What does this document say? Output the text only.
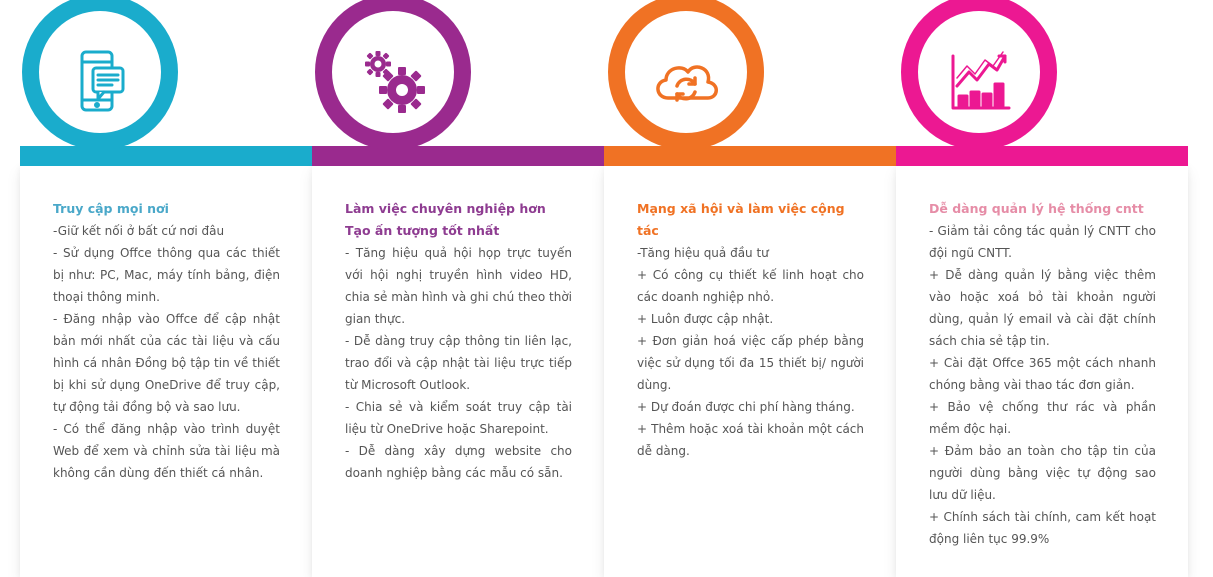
Truy cập mọi nơi
-Giữ kết nối ở bất cứ nơi đâu
- Sử dụng Offce thông qua các thiết bị như: PC, Mac, máy tính bảng, điện thoại thông minh.
- Đăng nhập vào Offce để cập nhật bản mới nhất của các tài liệu và cấu hình cá nhân Đồng bộ tập tin về thiết bị khi sử dụng OneDrive để truy cập, tự động tải đồng bộ và sao lưu.
- Có thể đăng nhập vào trình duyệt Web để xem và chỉnh sửa tài liệu mà không cần dùng đến thiết cá nhân.
Làm việc chuyên nghiệp hơn Tạo ấn tượng tốt nhất
- Tăng hiệu quả hội họp trực tuyến với hội nghị truyền hình video HD, chia sẻ màn hình và ghi chú theo thời gian thực.
- Dễ dàng truy cập thông tin liên lạc, trao đổi và cập nhật tài liệu trực tiếp từ Microsoft Outlook.
- Chia sẻ và kiểm soát truy cập tài liệu từ OneDrive hoặc Sharepoint.
- Dễ dàng xây dựng website cho doanh nghiệp bằng các mẫu có sẵn.
Mạng xã hội và làm việc cộng tác
-Tăng hiệu quả đầu tư
+ Có công cụ thiết kế linh hoạt cho các doanh nghiệp nhỏ.
+ Luôn được cập nhật.
+ Đơn giản hoá việc cấp phép bằng việc sử dụng tối đa 15 thiết bị/ người dùng.
+ Dự đoán được chi phí hàng tháng.
+ Thêm hoặc xoá tài khoản một cách dễ dàng.
Dễ dàng quản lý hệ thống cntt
- Giảm tải công tác quản lý CNTT cho đội ngũ CNTT.
+ Dễ dàng quản lý bằng việc thêm vào hoặc xoá bỏ tài khoản người dùng, quản lý email và cài đặt chính sách chia sẻ tập tin.
+ Cài đặt Offce 365 một cách nhanh chóng bằng vài thao tác đơn giản.
+ Bảo vệ chống thư rác và phần mềm độc hại.
+ Đảm bảo an toàn cho tập tin của người dùng bằng việc tự động sao lưu dữ liệu.
+ Chính sách tài chính, cam kết hoạt động liên tục 99.9%
